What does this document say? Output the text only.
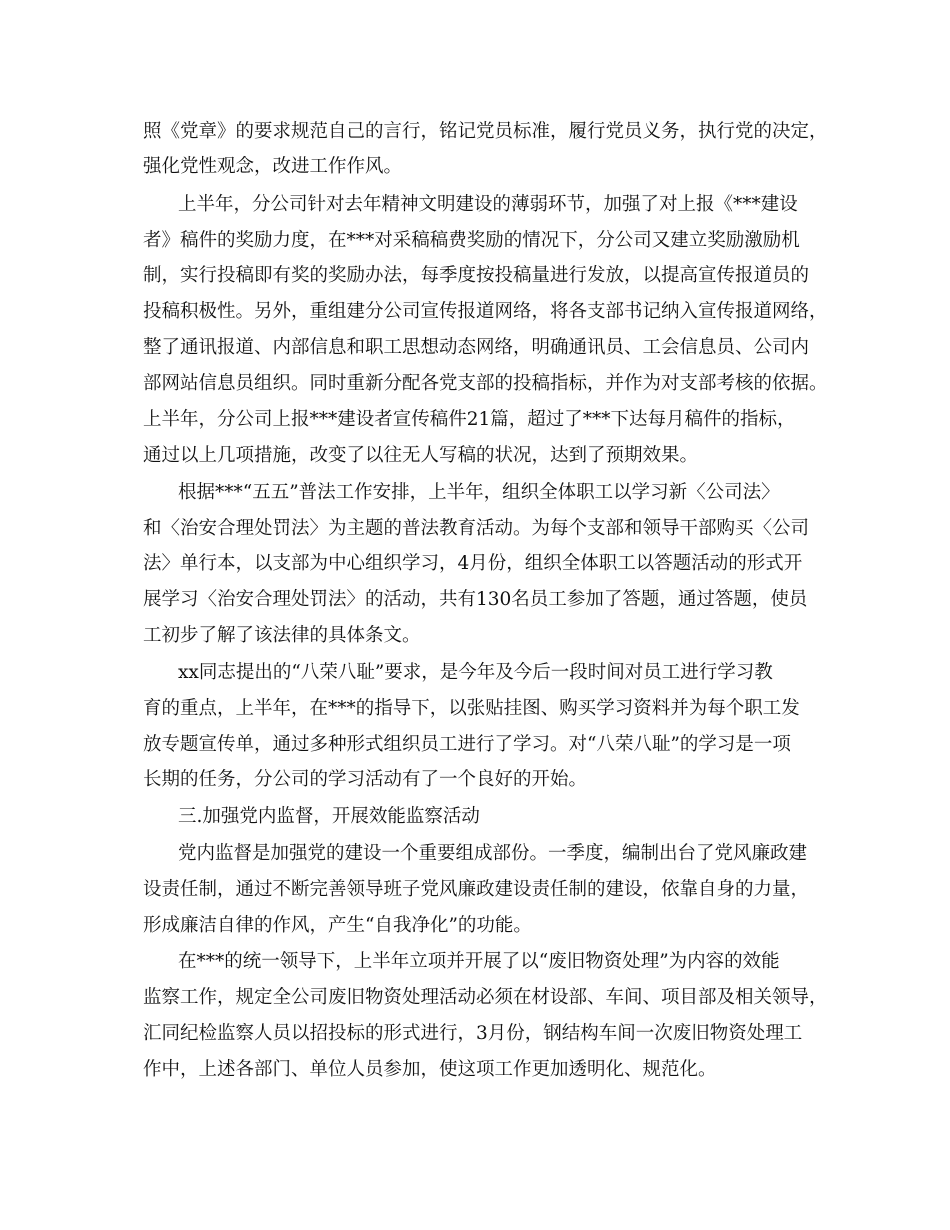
照《党章》的要求规范自己的言行，铭记党员标准，履行党员义务，执行党的决定，

强化党性观念，改进工作作风。

上半年，分公司针对去年精神文明建设的薄弱环节，加强了对上报《***建设

者》稿件的奖励力度，在***对采稿稿费奖励的情况下，分公司又建立奖励激励机

制，实行投稿即有奖的奖励办法，每季度按投稿量进行发放，以提高宣传报道员的

投稿积极性。另外，重组建分公司宣传报道网络，将各支部书记纳入宣传报道网络，

整了通讯报道、内部信息和职工思想动态网络，明确通讯员、工会信息员、公司内

部网站信息员组织。同时重新分配各党支部的投稿指标，并作为对支部考核的依据。

上半年，分公司上报***建设者宣传稿件21篇，超过了***下达每月稿件的指标，

通过以上几项措施，改变了以往无人写稿的状况，达到了预期效果。

根据***“五五”普法工作安排，上半年，组织全体职工以学习新〈公司法〉

和〈治安合理处罚法〉为主题的普法教育活动。为每个支部和领导干部购买〈公司

法〉单行本，以支部为中心组织学习，4月份，组织全体职工以答题活动的形式开

展学习〈治安合理处罚法〉的活动，共有130名员工参加了答题，通过答题，使员

工初步了解了该法律的具体条文。

xx同志提出的“八荣八耻”要求，是今年及今后一段时间对员工进行学习教

育的重点，上半年，在***的指导下，以张贴挂图、购买学习资料并为每个职工发

放专题宣传单，通过多种形式组织员工进行了学习。对“八荣八耻”的学习是一项

长期的任务，分公司的学习活动有了一个良好的开始。

三.加强党内监督，开展效能监察活动

党内监督是加强党的建设一个重要组成部份。一季度，编制出台了党风廉政建

设责任制，通过不断完善领导班子党风廉政建设责任制的建设，依靠自身的力量，

形成廉洁自律的作风，产生“自我净化”的功能。

在***的统一领导下，上半年立项并开展了以“废旧物资处理”为内容的效能

监察工作，规定全公司废旧物资处理活动必须在材设部、车间、项目部及相关领导，

汇同纪检监察人员以招投标的形式进行，3月份，钢结构车间一次废旧物资处理工

作中，上述各部门、单位人员参加，使这项工作更加透明化、规范化。
